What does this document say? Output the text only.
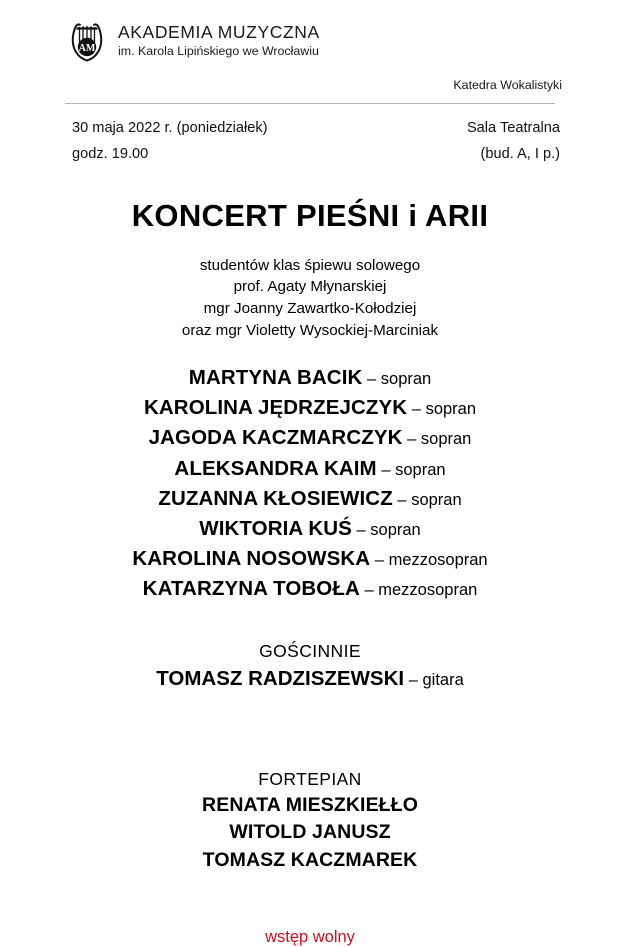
AM
AKADEMIA MUZYCZNA
im. Karola Lipińskiego we Wrocławiu
Katedra Wokalistyki
30 maja 2022 r. (poniedziałek)	Sala Teatralna
godz. 19.00	(bud. A, I p.)
KONCERT PIEŚNI i ARII
studentów klas śpiewu solowego
prof. Agaty Młynarskiej
mgr Joanny Zawartko-Kołodziej
oraz mgr Violetty Wysockiej-Marciniak
MARTYNA BACIK – sopran
KAROLINA JĘDRZEJCZYK – sopran
JAGODA KACZMARCZYK – sopran
ALEKSANDRA KAIM – sopran
ZUZANNA KŁOSIEWICZ – sopran
WIKTORIA KUŚ – sopran
KAROLINA NOSOWSKA – mezzosopran
KATARZYNA TOBOŁA – mezzosopran
GOŚCINNIE
TOMASZ RADZISZEWSKI – gitara
FORTEPIAN
RENATA MIESZKIEŁŁO
WITOLD JANUSZ
TOMASZ KACZMAREK
wstęp wolny
